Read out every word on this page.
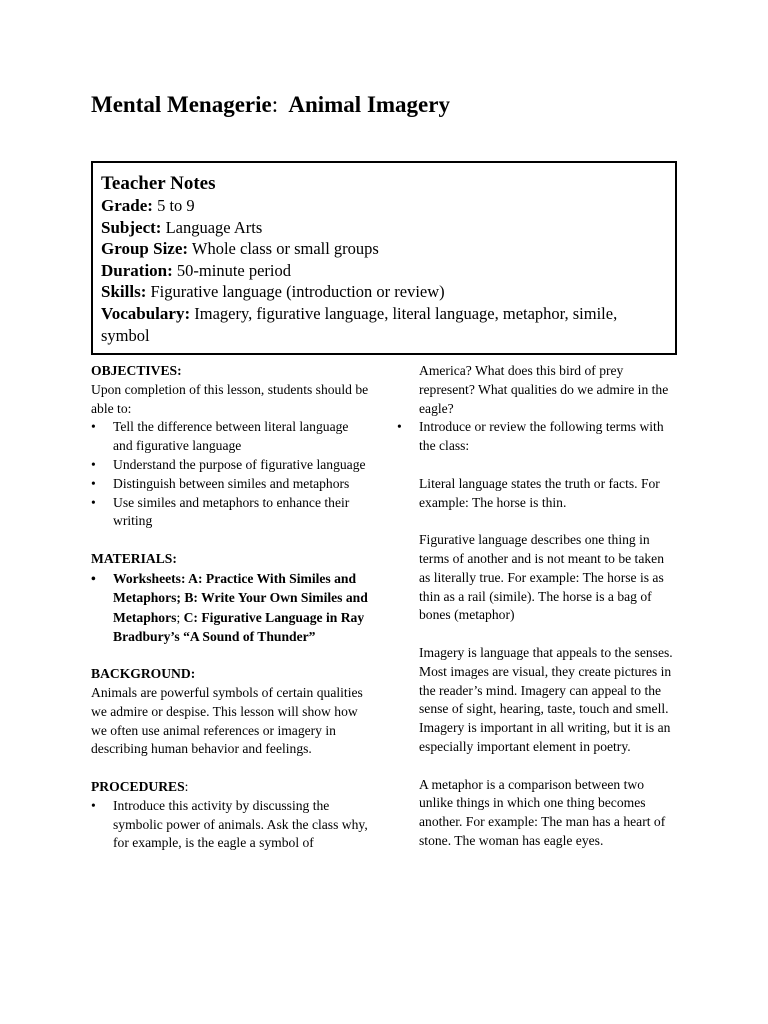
Mental Menagerie: Animal Imagery
Teacher Notes
Grade: 5 to 9
Subject: Language Arts
Group Size: Whole class or small groups
Duration: 50-minute period
Skills: Figurative language (introduction or review)
Vocabulary: Imagery, figurative language, literal language, metaphor, simile, symbol
OBJECTIVES:

Upon completion of this lesson, students should be able to:

• Tell the difference between literal language and figurative language
• Understand the purpose of figurative language
• Distinguish between similes and metaphors
• Use similes and metaphors to enhance their writing
MATERIALS:
• Worksheets: A: Practice With Similes and Metaphors; B: Write Your Own Similes and Metaphors; C: Figurative Language in Ray Bradbury’s “A Sound of Thunder”
BACKGROUND:

Animals are powerful symbols of certain qualities we admire or despise. This lesson will show how we often use animal references or imagery in describing human behavior and feelings.

PROCEDURES:
• Introduce this activity by discussing the symbolic power of animals. Ask the class why, for example, is the eagle a symbol of

America? What does this bird of prey represent? What qualities do we admire in the eagle?

• Introduce or review the following terms with the class:

Literal language states the truth or facts. For example: The horse is thin.

Figurative language describes one thing in terms of another and is not meant to be taken as literally true. For example: The horse is as thin as a rail (simile). The horse is a bag of bones (metaphor)

Imagery is language that appeals to the senses. Most images are visual, they create pictures in the reader’s mind. Imagery can appeal to the sense of sight, hearing, taste, touch and smell. Imagery is important in all writing, but it is an especially important element in poetry.

A metaphor is a comparison between two unlike things in which one thing becomes another. For example: The man has a heart of stone. The woman has eagle eyes.
